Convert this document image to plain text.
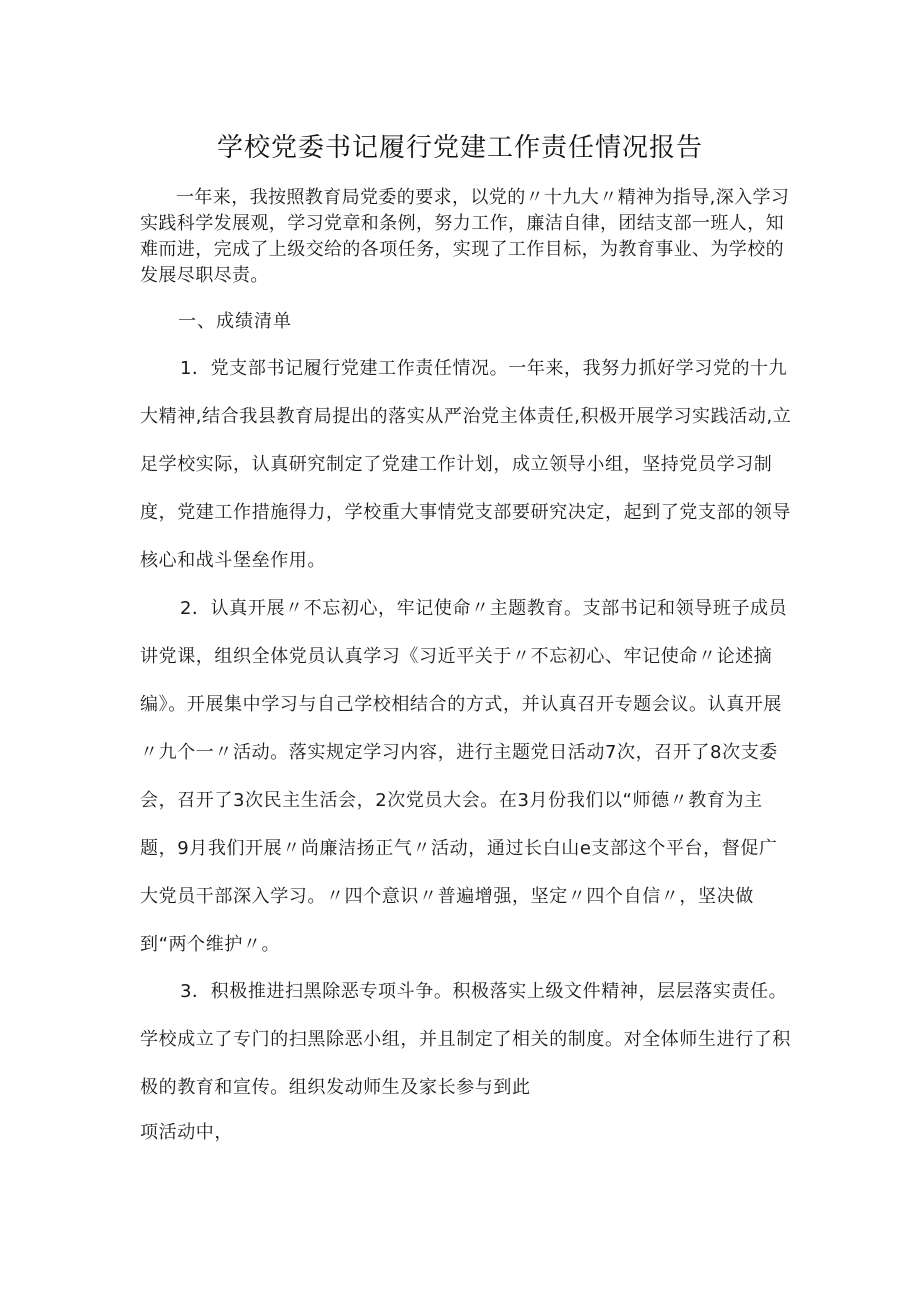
学校党委书记履行党建工作责任情况报告
一年来，我按照教育局党委的要求，以党的〃十九大〃精神为指导,深入学习实践科学发展观，学习党章和条例，努力工作，廉洁自律，团结支部一班人，知难而进，完成了上级交给的各项任务，实现了工作目标，为教育事业、为学校的发展尽职尽责。
一、成绩清单
1．党支部书记履行党建工作责任情况。一年来，我努力抓好学习党的十九大精神,结合我县教育局提出的落实从严治党主体责任,积极开展学习实践活动,立足学校实际，认真研究制定了党建工作计划，成立领导小组，坚持党员学习制度，党建工作措施得力，学校重大事情党支部要研究决定，起到了党支部的领导核心和战斗堡垒作用。
2．认真开展〃不忘初心，牢记使命〃主题教育。支部书记和领导班子成员讲党课，组织全体党员认真学习《习近平关于〃不忘初心、牢记使命〃论述摘编》。开展集中学习与自己学校相结合的方式，并认真召开专题会议。认真开展〃九个一〃活动。落实规定学习内容，进行主题党日活动7次，召开了8次支委会，召开了3次民主生活会，2次党员大会。在3月份我们以“师德〃教育为主题，9月我们开展〃尚廉洁扬正气〃活动，通过长白山e支部这个平台，督促广大党员干部深入学习。〃四个意识〃普遍增强，坚定〃四个自信〃，坚决做到“两个维护〃。
3．积极推进扫黑除恶专项斗争。积极落实上级文件精神，层层落实责任。学校成立了专门的扫黑除恶小组，并且制定了相关的制度。对全体师生进行了积极的教育和宣传。组织发动师生及家长参与到此
项活动中，
